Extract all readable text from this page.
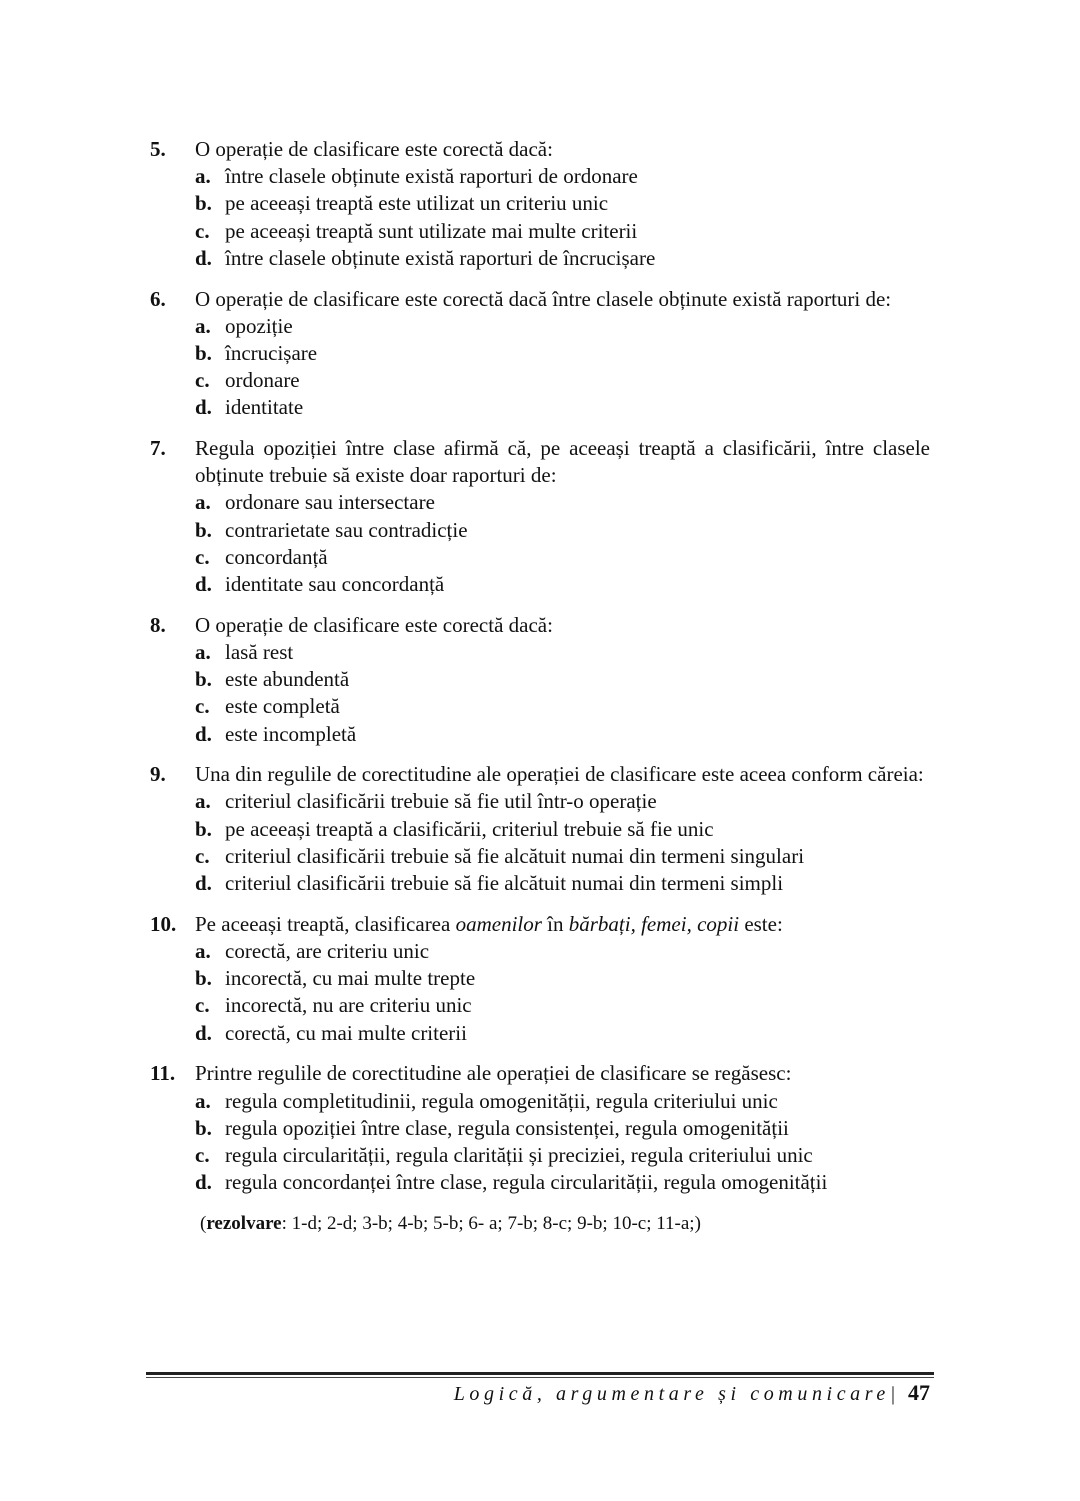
5.	O operație de clasificare este corectă dacă:
a. între clasele obținute există raporturi de ordonare
b. pe aceeași treaptă este utilizat un criteriu unic
c. pe aceeași treaptă sunt utilizate mai multe criterii
d. între clasele obținute există raporturi de încrucișare
6.	O operație de clasificare este corectă dacă între clasele obținute există raporturi de:
a. opoziție
b. încrucișare
c. ordonare
d. identitate
7.	Regula opoziției între clase afirmă că, pe aceeași treaptă a clasificării, între clasele obținute trebuie să existe doar raporturi de:
a. ordonare sau intersectare
b. contrarietate sau contradicție
c. concordanță
d. identitate sau concordanță
8.	O operație de clasificare este corectă dacă:
a. lasă rest
b. este abundentă
c. este completă
d. este incompletă
9.	Una din regulile de corectitudine ale operației de clasificare este aceea conform căreia:
a. criteriul clasificării trebuie să fie util într-o operație
b. pe aceeași treaptă a clasificării, criteriul trebuie să fie unic
c. criteriul clasificării trebuie să fie alcătuit numai din termeni singulari
d. criteriul clasificării trebuie să fie alcătuit numai din termeni simpli
10. Pe aceeași treaptă, clasificarea oamenilor în bărbați, femei, copii este:
a. corectă, are criteriu unic
b. incorectă, cu mai multe trepte
c. incorectă, nu are criteriu unic
d. corectă, cu mai multe criterii
11. Printre regulile de corectitudine ale operației de clasificare se regăsesc:
a. regula completitudinii, regula omogenității, regula criteriului unic
b. regula opoziției între clase, regula consistenței, regula omogenității
c. regula circularității, regula clarității și preciziei, regula criteriului unic
d. regula concordanței între clase, regula circularității, regula omogenității
(rezolvare: 1-d; 2-d; 3-b; 4-b; 5-b; 6- a; 7-b; 8-c; 9-b; 10-c; 11-a;)
Logică, argumentare și comunicare| 47
